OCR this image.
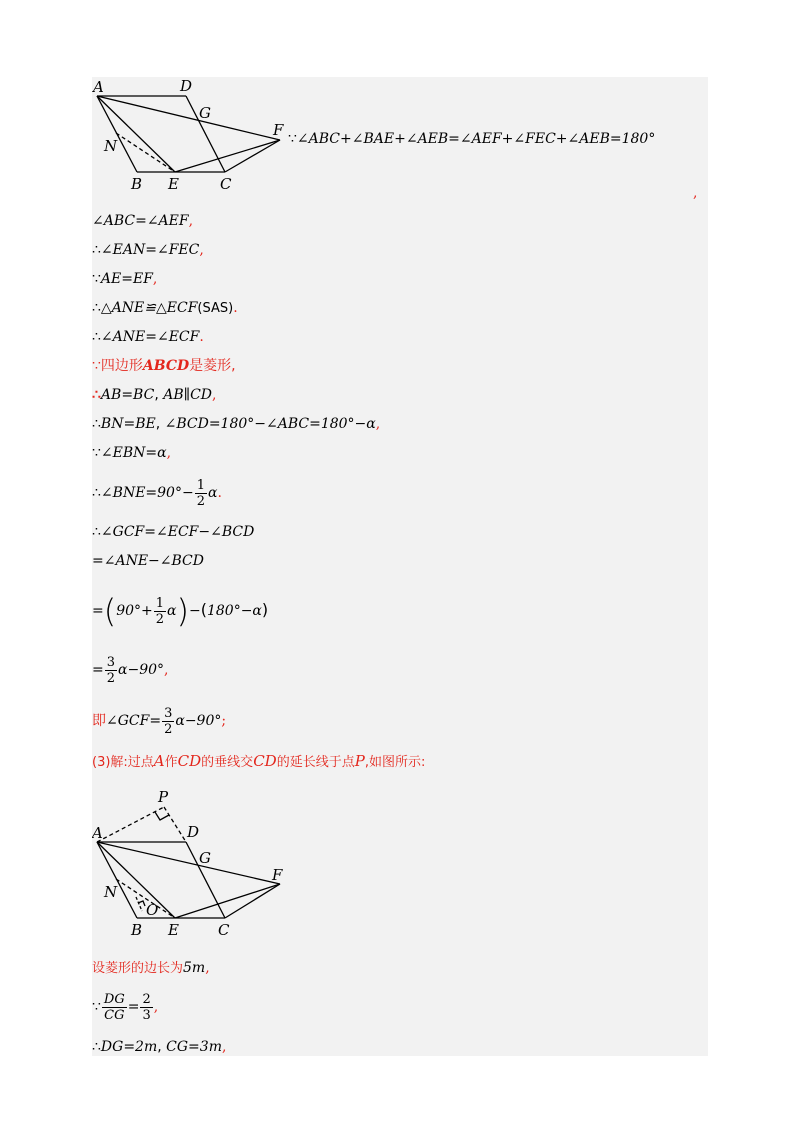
A	D
G
F
N
B E	C
∵∠ABC+∠BAE+∠AEB=∠AEF+∠FEC+∠AEB=180°
,
∠ABC=∠AEF,
∴∠EAN=∠FEC,
∵AE=EF,
∴△ANE≌△ECF(SAS).
∴∠ANE=∠ECF.
∵四边形ABCD是菱形,
∴AB=BC, AB∥CD,
∴BN=BE, ∠BCD=180°−∠ABC=180°−α,
∵∠EBN=α,
∴∠BNE=90°− $\frac{1}{2} \alpha$.
∴∠GCF=∠ECF−∠BCD
=∠ANE−∠BCD
$=(90^\circ+ \frac{1}{2} \alpha)-(180^\circ-\alpha)$
= $\frac{3}{2} \alpha-90^\circ$,
即∠GCF= $\frac{3}{2} \alpha-90^\circ$;
(3)解:过点A作CD的垂线交CD的延长线于点P,如图所示:
P
A	D
G
F
N
O
B E	C
设菱形的边长为5m,
∵ $\frac{DG}{CG} = \frac{2}{3}$ ,
∴DG=2m, CG=3m,
